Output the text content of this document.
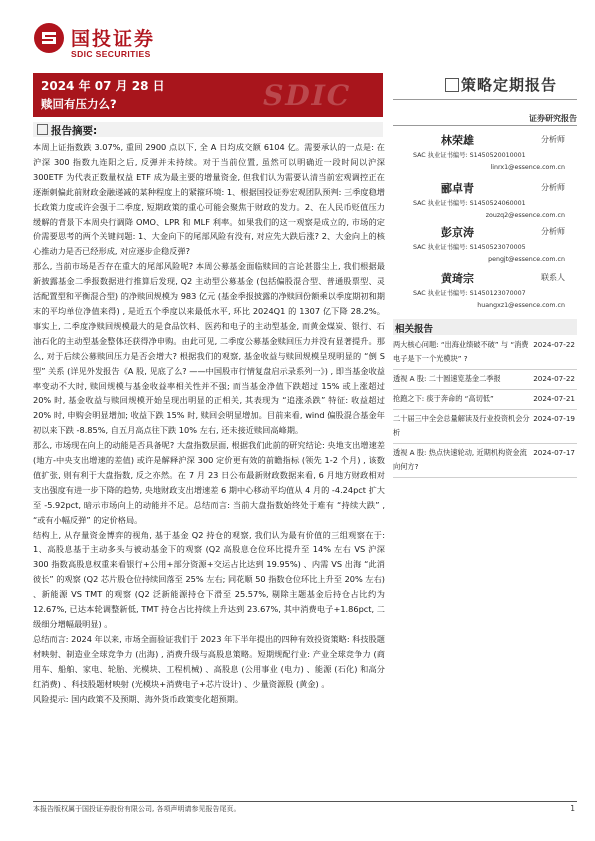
国投证券
SDIC SECURITIES
2024 年 07 月 28 日
赎回有压力么?	SDIC	策略定期报告
证券研究报告
报告摘要:

本周上证指数跌 3.07%, 重回 2900 点以下, 全 A 日均成交额 6104 亿。需要承认的一点是: 在沪深 300 指数九连阳之后, 反弹并未持续。对于当前位置, 虽然可以明确近一段时间以沪深 300ETF 为代表正数量权益 ETF 成为最主要的增量资金, 但我们认为需要认清当前宏观调控正在逐渐刺偏此前财政金融递减的某种程度上的紧箍环境: 1、根据国投证券宏观团队预判: 三季度稳增长政策力度或许会强于二季度, 短期政策的重心可能会聚焦于财政的发力。2、在人民币贬值压力缓解的背景下本周央行调降 OMO、LPR 和 MLF 利率。如果我们的这一观察是成立的, 市场的定价需要思考的两个关键问题: 1、大金向下的尾部风险有没有, 对应先大跌后涨? 2、大金向上的核心推动力是否已经形成, 对应逐步企稳反弹?

那么, 当前市场是否存在重大的尾部风险呢? 本周公募基金面临赎回的言论甚嚣尘上, 我们根据最新披露基金二季报数据进行推算后发现, Q2 主动型公募基金 (包括偏股混合型、普通股票型、灵活配置型和平衡混合型) 的净赎回规模为 983 亿元 (基金季报披露的净赎回份额乘以季度期初和期末的平均单位净值来得) , 是近五个季度以来最低水平, 环比 2024Q1 的 1307 亿下降 28.2%。事实上, 二季度净赎回规模最大的是食品饮料、医药和电子的主动型基金, 而黄金煤炭、银行、石油石化的主动型基金整体还获得净申购。由此可见, 二季度公募基金赎回压力并没有显著提升。那么, 对于后续公募赎回压力是否会增大? 根据我们的观察, 基金收益与赎回规模呈现明显的 “倒 S 型” 关系 (详见外发报告《A 股, 见底了么? ——中国股市行情复盘启示录系列一》) , 即当基金收益率变动不大时, 赎回规模与基金收益率相关性并不强; 而当基金净值下跌超过 15% 或上涨超过 20% 时, 基金收益与赎回规模开始呈现出明显的正相关, 其表现为 “追涨杀跌” 特征: 收益超过 20% 时, 申购会明显增加; 收益下跌 15% 时, 赎回会明显增加。目前来看, wind 偏股混合基金年初以来下跌 -8.85%, 自五月高点往下跌 10% 左右, 还未接近赎回高峰期。

那么, 市场现在向上的动能是否具备呢? 大盘指数层面, 根据我们此前的研究结论: 央地支出增速差 (地方-中央支出增速的差值) 或许是解释沪深 300 定价更有效的前瞻指标 (领先 1-2 个月) , 该数值扩张, 则有利于大盘指数, 反之亦然。在 7 月 23 日公布最新财政数据来看, 6 月地方财政相对支出强度有进一步下降的趋势, 央地财政支出增速差 6 期中心移动平均值从 4 月的 -4.24pct 扩大至 -5.92pct, 暗示市场向上的动能并不足。总结而言: 当前大盘指数始终处于难有 “持续大跌” , “或有小幅反弹” 的定价格局。

结构上, 从存量资金博弈的视角, 基于基金 Q2 持仓的观察, 我们认为最有价值的三组观察在于: 1、高股息基于主动多头与被动基金下的观察 (Q2 高股息仓位环比提升至 14% 左右 VS 沪深 300 指数高股息权重来看银行+公用+部分资源+交运占比达到 19.95%) 、内需 VS 出海 “此消彼长” 的观察 (Q2 芯片股仓位持续回落至 25% 左右; 同花顺 50 指数仓位环比上升至 20% 左右) 、新能源 VS TMT 的观察 (Q2 泛新能源持仓下滑至 25.57%, 剔除主题基金后持仓占比约为 12.67%, 已达本轮调整新低, TMT 持仓占比持续上升达到 23.67%, 其中消费电子+1.86pct, 二级细分增幅最明显) 。

总结而言: 2024 年以来, 市场全面验证我们于 2023 年下半年提出的四种有效投资策略: 科技股题材映射、制造业全球竞争力 (出海) , 消费升级与高股息策略。短期规配行业: 产业全球竞争力 (商用车、船舶、家电、轮胎、光模块、工程机械) 、高股息 (公用事业 (电力) 、能源 (石化) 和高分红消费) 、科技股题材映射 (光模块+消费电子+芯片设计) 、少量资源股 (黄金) 。

风险提示: 国内政策不及预期、海外货币政策变化超预期。

林荣雄	分析师
SAC 执业证书编号: S1450520010001
linrx1@essence.com.cn
郦卓青	分析师
SAC 执业证书编号: S1450524060001
zouzq2@essence.com.cn
彭京涛	分析师
SAC 执业证书编号: S1450523070005
pengjt@essence.com.cn
黄琦宗	联系人
SAC 执业证书编号: S1450123070007
huangxz1@essence.com.cn
相关报告
两大核心问题: “出海业绩破不破” 与 “消费电子是下一个光模块” ?
2024-07-22
透视 A 股: 二十圆速览基金二季报	2024-07-22
抢跑之下: 痰于奔命的 “高切低”	2024-07-21
二十届三中全会总量解读及行业投资机会分析
2024-07-19
透视 A 股: 热点快速轮动, 近期机构资金流向何方?
2024-07-17
本报告版权属于国投证券股份有限公司, 各项声明请参见报告尾页。	1
